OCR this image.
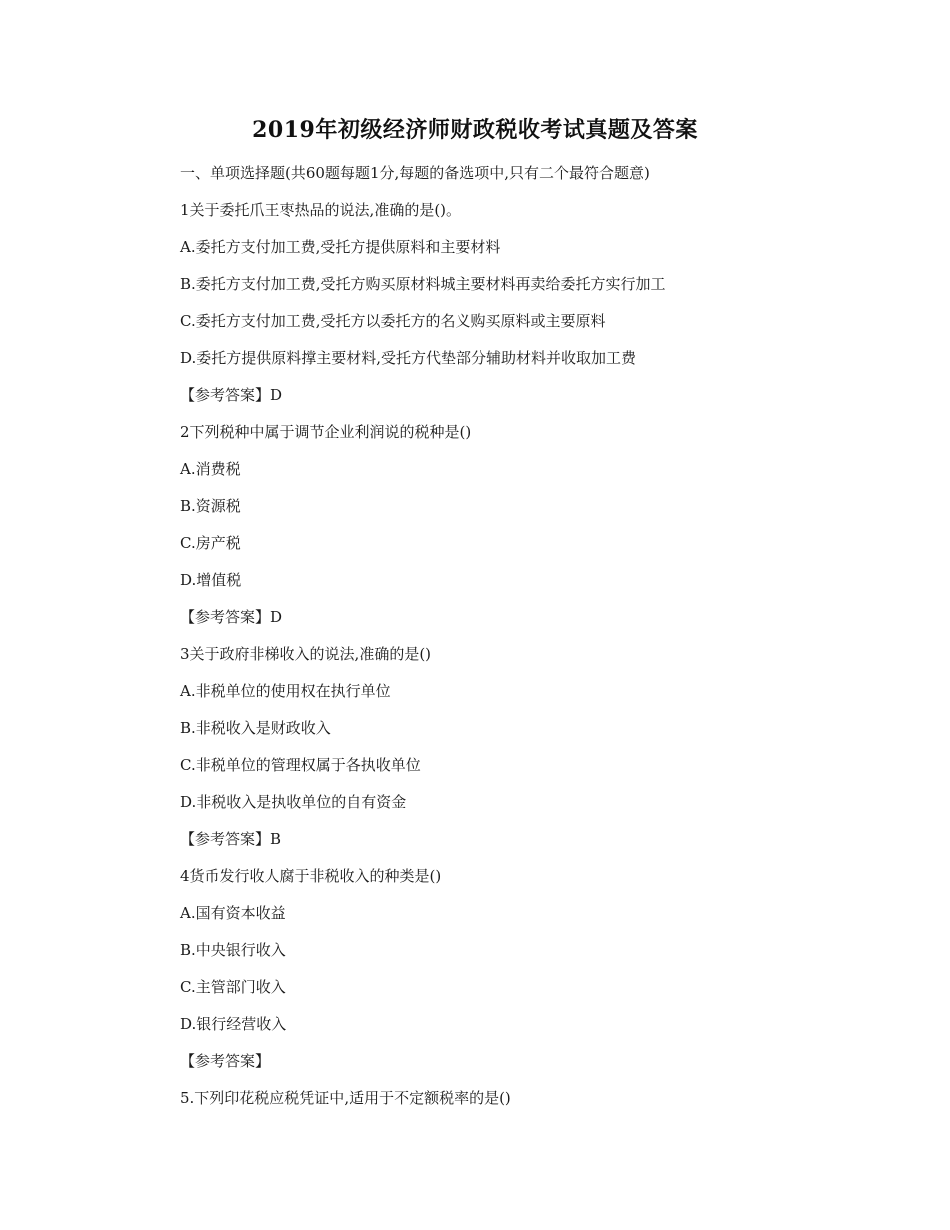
2019年初级经济师财政税收考试真题及答案
一、单项选择题(共60题每题1分,每题的备选项中,只有二个最符合题意)
1关于委托爪王枣热品的说法,准确的是()。
A.委托方支付加工费,受托方提供原料和主要材料
B.委托方支付加工费,受托方购买原材料城主要材料再卖给委托方实行加工
C.委托方支付加工费,受托方以委托方的名义购买原料或主要原料
D.委托方提供原料撑主要材料,受托方代垫部分辅助材料并收取加工费
【参考答案】D
2下列税种中属于调节企业利润说的税种是()
A.消费税
B.资源税
C.房产税
D.增值税
【参考答案】D
3关于政府非梯收入的说法,准确的是()
A.非税单位的使用权在执行单位
B.非税收入是财政收入
C.非税单位的管理权属于各执收单位
D.非税收入是执收单位的自有资金
【参考答案】B
4货币发行收人腐于非税收入的种类是()
A.国有资本收益
B.中央银行收入
C.主管部门收入
D.银行经营收入
【参考答案】
5.下列印花税应税凭证中,适用于不定额税率的是()
